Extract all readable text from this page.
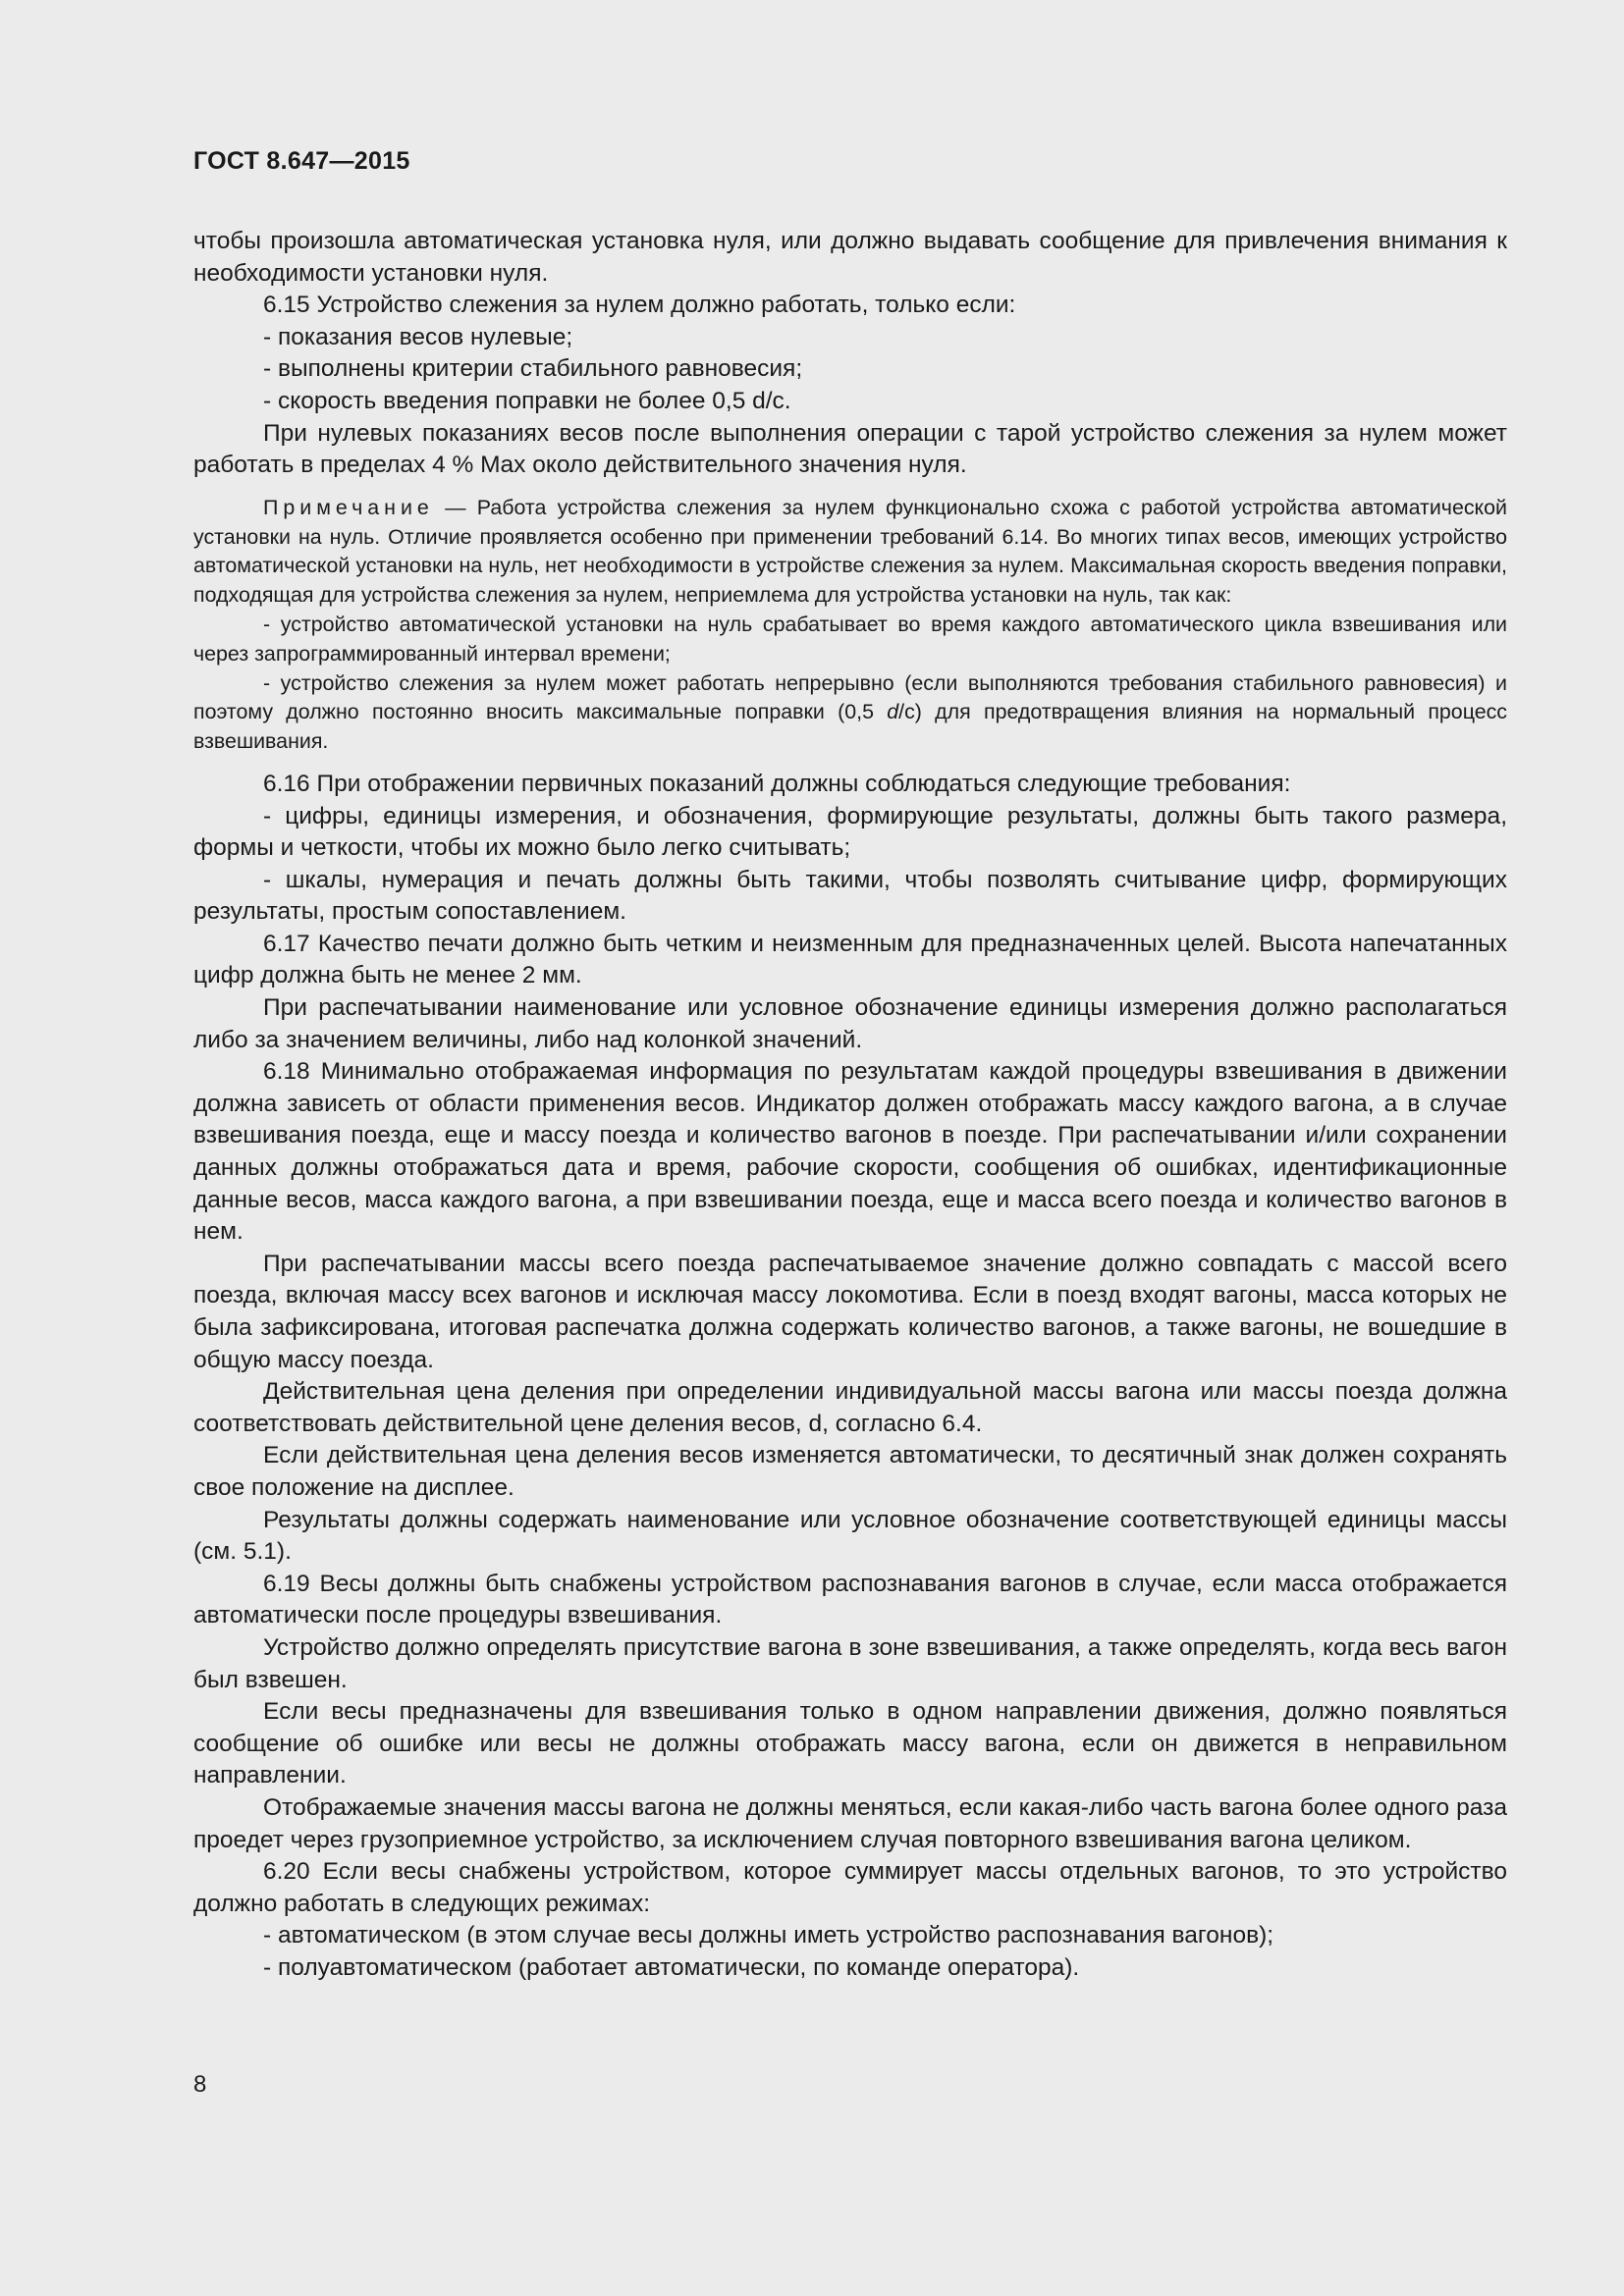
ГОСТ 8.647—2015

чтобы произошла автоматическая установка нуля, или должно выдавать сообщение для привлечения внимания к необходимости установки нуля.

6.15 Устройство слежения за нулем должно работать, только если:

- показания весов нулевые;

- выполнены критерии стабильного равновесия;

- скорость введения поправки не более 0,5 d/c.

При нулевых показаниях весов после выполнения операции с тарой устройство слежения за нулем может работать в пределах 4 % Max около действительного значения нуля.

Примечание — Работа устройства слежения за нулем функционально схожа с работой устройства автоматической установки на нуль. Отличие проявляется особенно при применении требований 6.14. Во многих типах весов, имеющих устройство автоматической установки на нуль, нет необходимости в устройстве слежения за нулем. Максимальная скорость введения поправки, подходящая для устройства слежения за нулем, неприемлема для устройства установки на нуль, так как:

- устройство автоматической установки на нуль срабатывает во время каждого автоматического цикла взвешивания или через запрограммированный интервал времени;

- устройство слежения за нулем может работать непрерывно (если выполняются требования стабильного равновесия) и поэтому должно постоянно вносить максимальные поправки (0,5 d/c) для предотвращения влияния на нормальный процесс взвешивания.

6.16 При отображении первичных показаний должны соблюдаться следующие требования:

- цифры, единицы измерения, и обозначения, формирующие результаты, должны быть такого размера, формы и четкости, чтобы их можно было легко считывать;

- шкалы, нумерация и печать должны быть такими, чтобы позволять считывание цифр, формирующих результаты, простым сопоставлением.

6.17 Качество печати должно быть четким и неизменным для предназначенных целей. Высота напечатанных цифр должна быть не менее 2 мм.

При распечатывании наименование или условное обозначение единицы измерения должно располагаться либо за значением величины, либо над колонкой значений.

6.18 Минимально отображаемая информация по результатам каждой процедуры взвешивания в движении должна зависеть от области применения весов. Индикатор должен отображать массу каждого вагона, а в случае взвешивания поезда, еще и массу поезда и количество вагонов в поезде. При распечатывании и/или сохранении данных должны отображаться дата и время, рабочие скорости, сообщения об ошибках, идентификационные данные весов, масса каждого вагона, а при взвешивании поезда, еще и масса всего поезда и количество вагонов в нем.

При распечатывании массы всего поезда распечатываемое значение должно совпадать с массой всего поезда, включая массу всех вагонов и исключая массу локомотива. Если в поезд входят вагоны, масса которых не была зафиксирована, итоговая распечатка должна содержать количество вагонов, а также вагоны, не вошедшие в общую массу поезда.

Действительная цена деления при определении индивидуальной массы вагона или массы поезда должна соответствовать действительной цене деления весов, d, согласно 6.4.

Если действительная цена деления весов изменяется автоматически, то десятичный знак должен сохранять свое положение на дисплее.

Результаты должны содержать наименование или условное обозначение соответствующей единицы массы (см. 5.1).

6.19 Весы должны быть снабжены устройством распознавания вагонов в случае, если масса отображается автоматически после процедуры взвешивания.

Устройство должно определять присутствие вагона в зоне взвешивания, а также определять, когда весь вагон был взвешен.

Если весы предназначены для взвешивания только в одном направлении движения, должно появляться сообщение об ошибке или весы не должны отображать массу вагона, если он движется в неправильном направлении.

Отображаемые значения массы вагона не должны меняться, если какая-либо часть вагона более одного раза проедет через грузоприемное устройство, за исключением случая повторного взвешивания вагона целиком.

6.20 Если весы снабжены устройством, которое суммирует массы отдельных вагонов, то это устройство должно работать в следующих режимах:

- автоматическом (в этом случае весы должны иметь устройство распознавания вагонов);

- полуавтоматическом (работает автоматически, по команде оператора).

8
